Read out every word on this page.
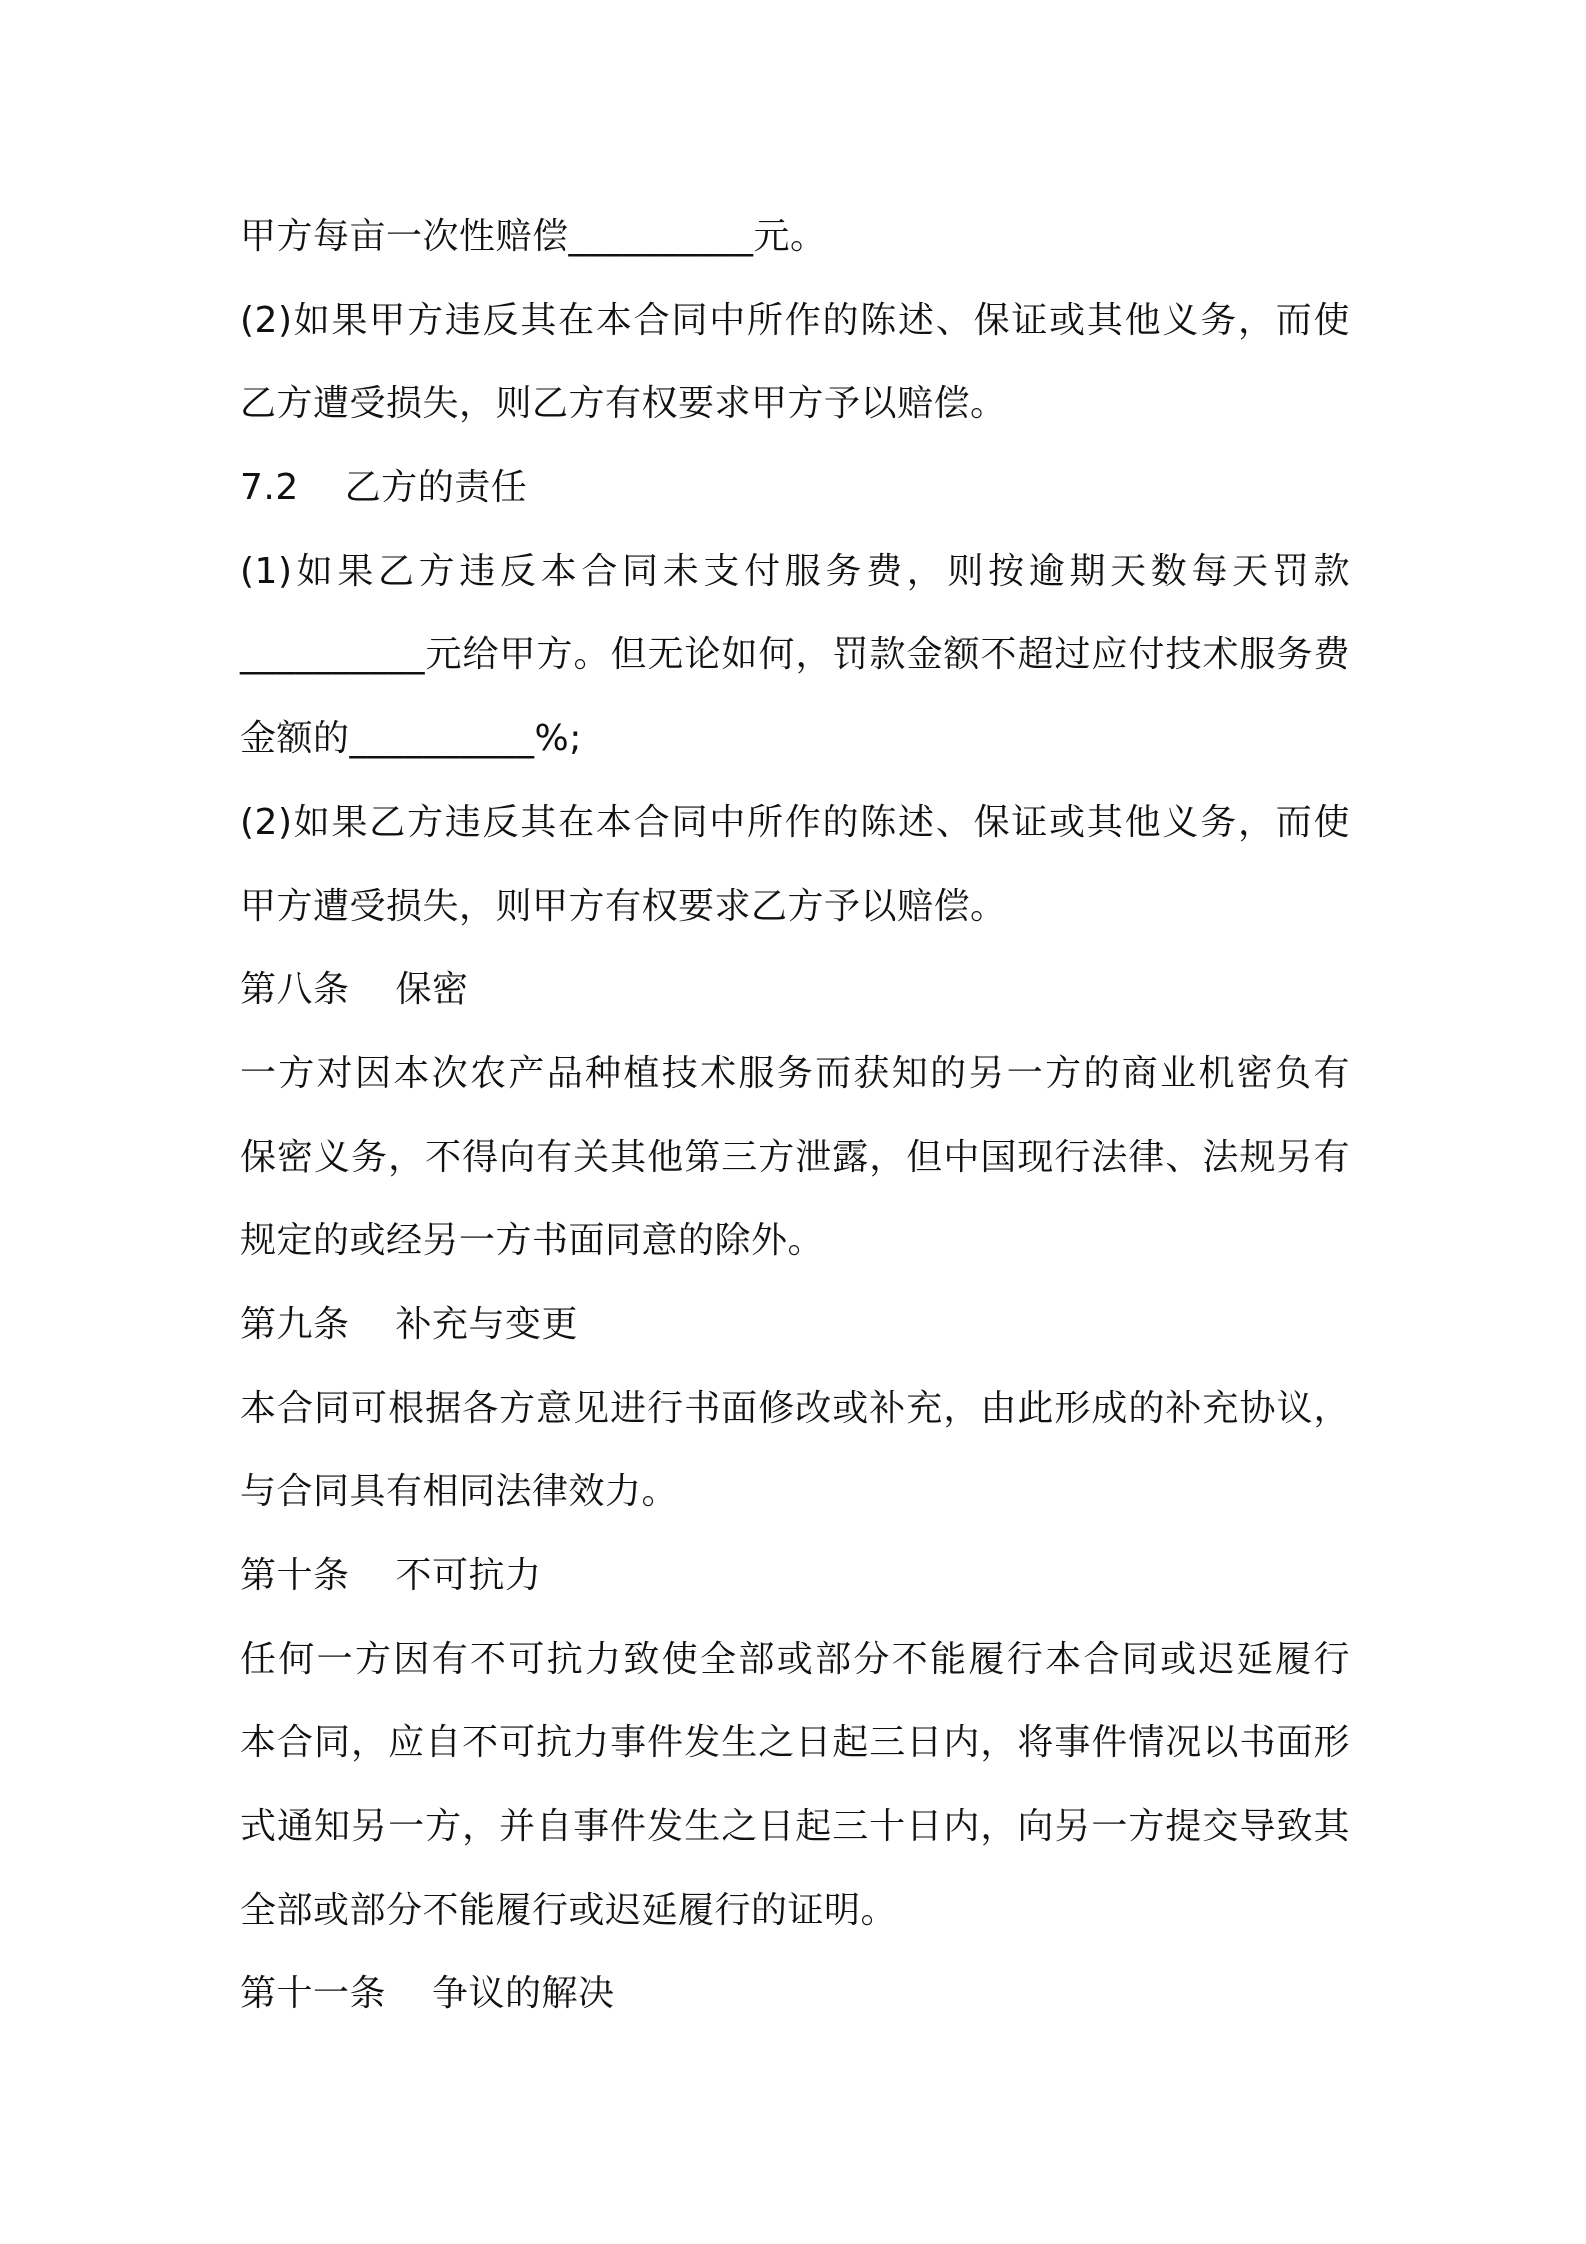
甲方每亩一次性赔偿__________元。
(2)如果甲方违反其在本合同中所作的陈述、保证或其他义务，而使
乙方遭受损失，则乙方有权要求甲方予以赔偿。
7.2 乙方的责任
(1)如果乙方违反本合同未支付服务费，则按逾期天数每天罚款
__________元给甲方。但无论如何，罚款金额不超过应付技术服务费
金额的__________%;
(2)如果乙方违反其在本合同中所作的陈述、保证或其他义务，而使
甲方遭受损失，则甲方有权要求乙方予以赔偿。
第八条 保密
一方对因本次农产品种植技术服务而获知的另一方的商业机密负有
保密义务，不得向有关其他第三方泄露，但中国现行法律、法规另有
规定的或经另一方书面同意的除外。
第九条 补充与变更
本合同可根据各方意见进行书面修改或补充，由此形成的补充协议，
与合同具有相同法律效力。
第十条 不可抗力
任何一方因有不可抗力致使全部或部分不能履行本合同或迟延履行
本合同，应自不可抗力事件发生之日起三日内，将事件情况以书面形
式通知另一方，并自事件发生之日起三十日内，向另一方提交导致其
全部或部分不能履行或迟延履行的证明。
第十一条 争议的解决
